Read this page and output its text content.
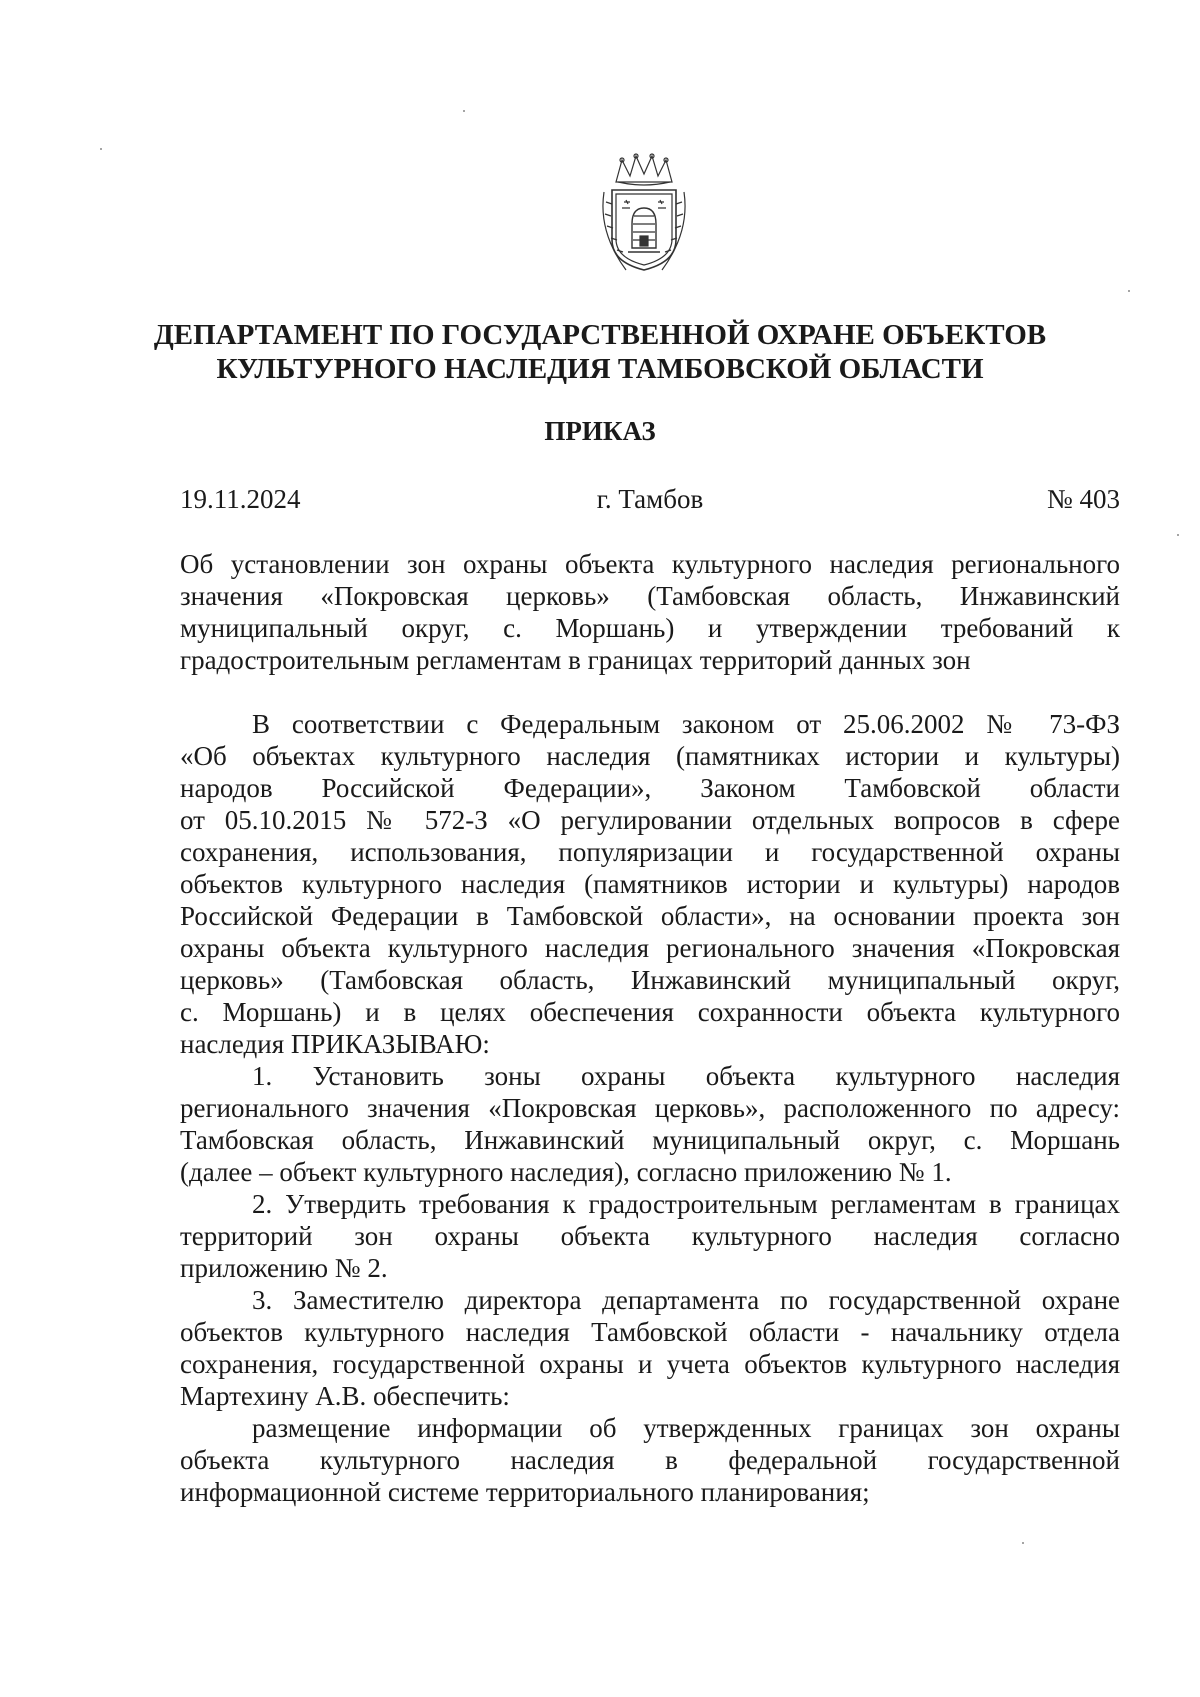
ДЕПАРТАМЕНТ ПО ГОСУДАРСТВЕННОЙ ОХРАНЕ ОБЪЕКТОВ
КУЛЬТУРНОГО НАСЛЕДИЯ ТАМБОВСКОЙ ОБЛАСТИ
ПРИКАЗ
19.11.2024	г. Тамбов	№ 403
Об установлении зон охраны объекта культурного наследия регионального
значения «Покровская церковь» (Тамбовская область, Инжавинский
муниципальный округ, с. Моршань) и утверждении требований к
градостроительным регламентам в границах территорий данных зон
В соответствии с Федеральным законом от 25.06.2002 № 73-ФЗ
«Об объектах культурного наследия (памятниках истории и культуры)
народов Российской Федерации», Законом Тамбовской области
от 05.10.2015 № 572-З «О регулировании отдельных вопросов в сфере
сохранения, использования, популяризации и государственной охраны
объектов культурного наследия (памятников истории и культуры) народов
Российской Федерации в Тамбовской области», на основании проекта зон
охраны объекта культурного наследия регионального значения «Покровская
церковь» (Тамбовская область, Инжавинский муниципальный округ,
с. Моршань) и в целях обеспечения сохранности объекта культурного
наследия ПРИКАЗЫВАЮ:
1. Установить зоны охраны объекта культурного наследия
регионального значения «Покровская церковь», расположенного по адресу:
Тамбовская область, Инжавинский муниципальный округ, с. Моршань
(далее – объект культурного наследия), согласно приложению № 1.
2. Утвердить требования к градостроительным регламентам в границах
территорий зон охраны объекта культурного наследия согласно
приложению № 2.
3. Заместителю директора департамента по государственной охране
объектов культурного наследия Тамбовской области - начальнику отдела
сохранения, государственной охраны и учета объектов культурного наследия
Мартехину А.В. обеспечить:
размещение информации об утвержденных границах зон охраны
объекта культурного наследия в федеральной государственной
информационной системе территориального планирования;
